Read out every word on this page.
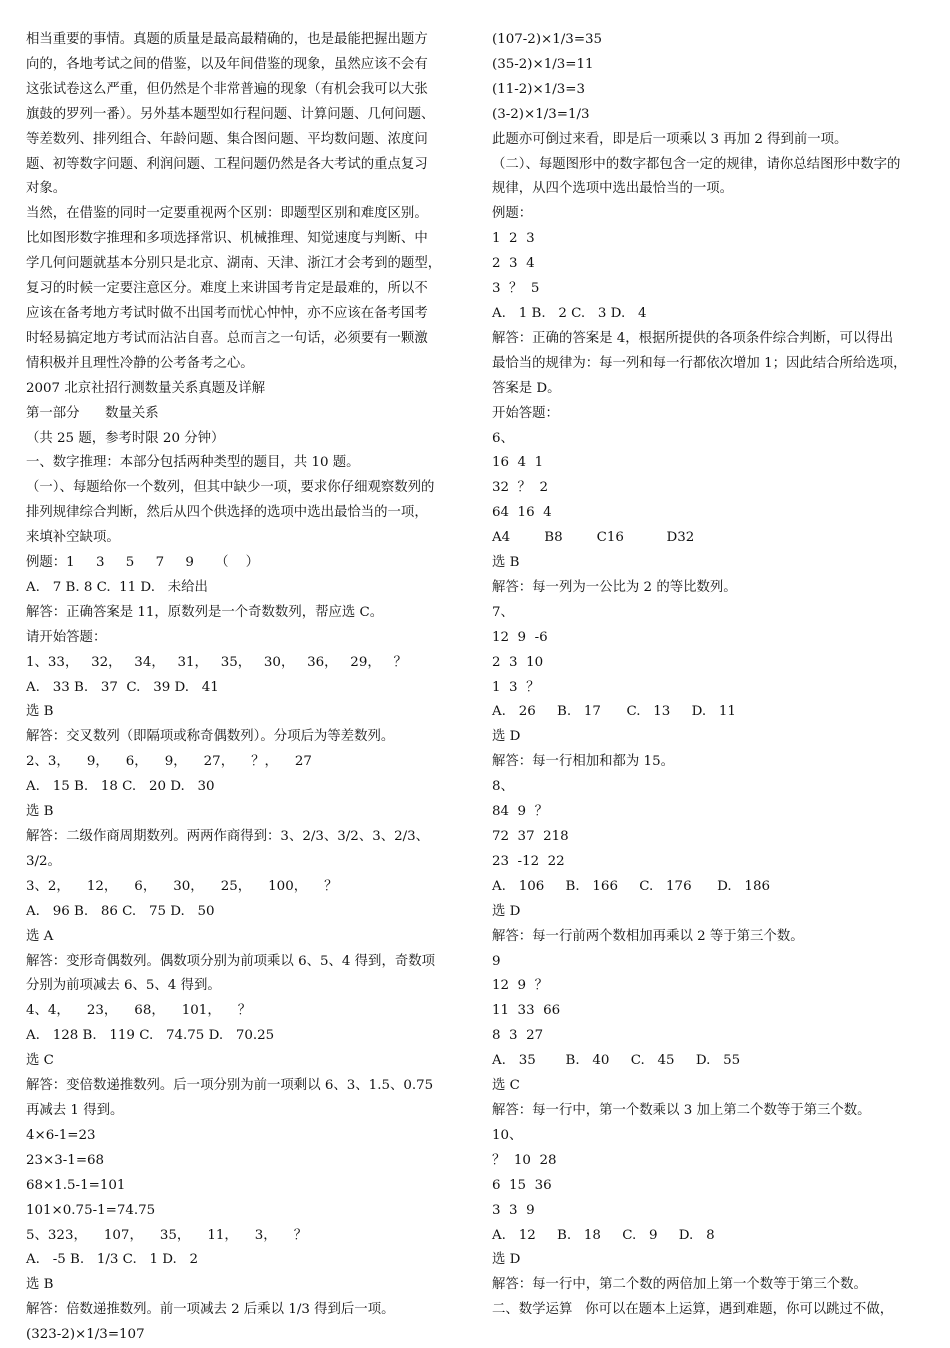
相当重要的事情。真题的质量是最高最精确的，也是最能把握出题方

向的，各地考试之间的借鉴，以及年间借鉴的现象，虽然应该不会有

这张试卷这么严重，但仍然是个非常普遍的现象（有机会我可以大张

旗鼓的罗列一番）。另外基本题型如行程问题、计算问题、几何问题、

等差数列、排列组合、年龄问题、集合图问题、平均数问题、浓度问

题、初等数字问题、利润问题、工程问题仍然是各大考试的重点复习

对象。

当然，在借鉴的同时一定要重视两个区别：即题型区别和难度区别。

比如图形数字推理和多项选择常识、机械推理、知觉速度与判断、中

学几何问题就基本分别只是北京、湖南、天津、浙江才会考到的题型，

复习的时候一定要注意区分。难度上来讲国考肯定是最难的，所以不

应该在备考地方考试时做不出国考而忧心忡忡，亦不应该在备考国考

时轻易搞定地方考试而沾沾自喜。总而言之一句话，必须要有一颗激

情积极并且理性冷静的公考备考之心。

2007 北京社招行测数量关系真题及详解

第一部分      数量关系

（共 25 题，参考时限 20 分钟）

一、数字推理：本部分包括两种类型的题目，共 10 题。

（一）、每题给你一个数列，但其中缺少一项，要求你仔细观察数列的

排列规律综合判断，然后从四个供选择的选项中选出最恰当的一项，

来填补空缺项。

例题：1     3     5     7     9     （    ）

A.   7 B. 8 C.  11 D.   未给出

解答：正确答案是 11，原数列是一个奇数数列，帮应选 C。

请开始答题：

1、33，   32，   34，   31，   35，   30，   36，   29，   ？

A.   33 B.   37  C.   39 D.   41

选 B

解答：交叉数列（即隔项或称奇偶数列）。分项后为等差数列。

2、3，    9，    6，    9，    27，    ？，    27

A.   15 B.   18 C.   20 D.   30

选 B

解答：二级作商周期数列。两两作商得到：3、2/3、3/2、3、2/3、3/2。

3、2，    12，    6，    30，    25，    100，    ？

A.   96 B.   86 C.   75 D.   50

选 A

解答：变形奇偶数列。偶数项分别为前项乘以 6、5、4 得到，奇数项

分别为前项减去 6、5、4 得到。

4、4，    23，    68，    101，    ？

A.   128 B.   119 C.   74.75 D.   70.25

选 C

解答：变倍数递推数列。后一项分别为前一项剩以 6、3、1.5、0.75

再减去 1 得到。

4×6-1=23

23×3-1=68

68×1.5-1=101

101×0.75-1=74.75

5、323，    107，    35，    11，    3，    ？

A.   -5 B.   1/3 C.   1 D.   2

选 B

解答：倍数递推数列。前一项减去 2 后乘以 1/3 得到后一项。

(323-2)×1/3=107

(107-2)×1/3=35

(35-2)×1/3=11

(11-2)×1/3=3

(3-2)×1/3=1/3

此题亦可倒过来看，即是后一项乘以 3 再加 2 得到前一项。

（二）、每题图形中的数字都包含一定的规律，请你总结图形中数字的

规律，从四个选项中选出最恰当的一项。

例题：

1  2  3

2  3  4

3  ？  5

A.   1 B.   2 C.   3 D.   4

解答：正确的答案是 4，根据所提供的各项条件综合判断，可以得出

最恰当的规律为：每一列和每一行都依次增加 1；因此结合所给选项，

答案是 D。

开始答题：

6、

16  4  1

32  ？  2

64  16  4

A4        B8        C16          D32

选 B

解答：每一列为一公比为 2 的等比数列。

7、

12  9  -6

2  3  10

1  3  ？

A.   26     B.   17      C.   13     D.   11

选 D

解答：每一行相加和都为 15。

8、

84  9  ？

72  37  218

23  -12  22

A.   106     B.   166     C.   176      D.   186

选 D

解答：每一行前两个数相加再乘以 2 等于第三个数。

9

12  9  ？

11  33  66

8  3  27

A.   35       B.   40     C.   45     D.   55

选 C

解答：每一行中，第一个数乘以 3 加上第二个数等于第三个数。

10、

？  10  28

6  15  36

3  3  9

A.   12     B.   18     C.   9     D.   8

选 D

解答：每一行中，第二个数的两倍加上第一个数等于第三个数。

二、数学运算   你可以在题本上运算，遇到难题，你可以跳过不做，
